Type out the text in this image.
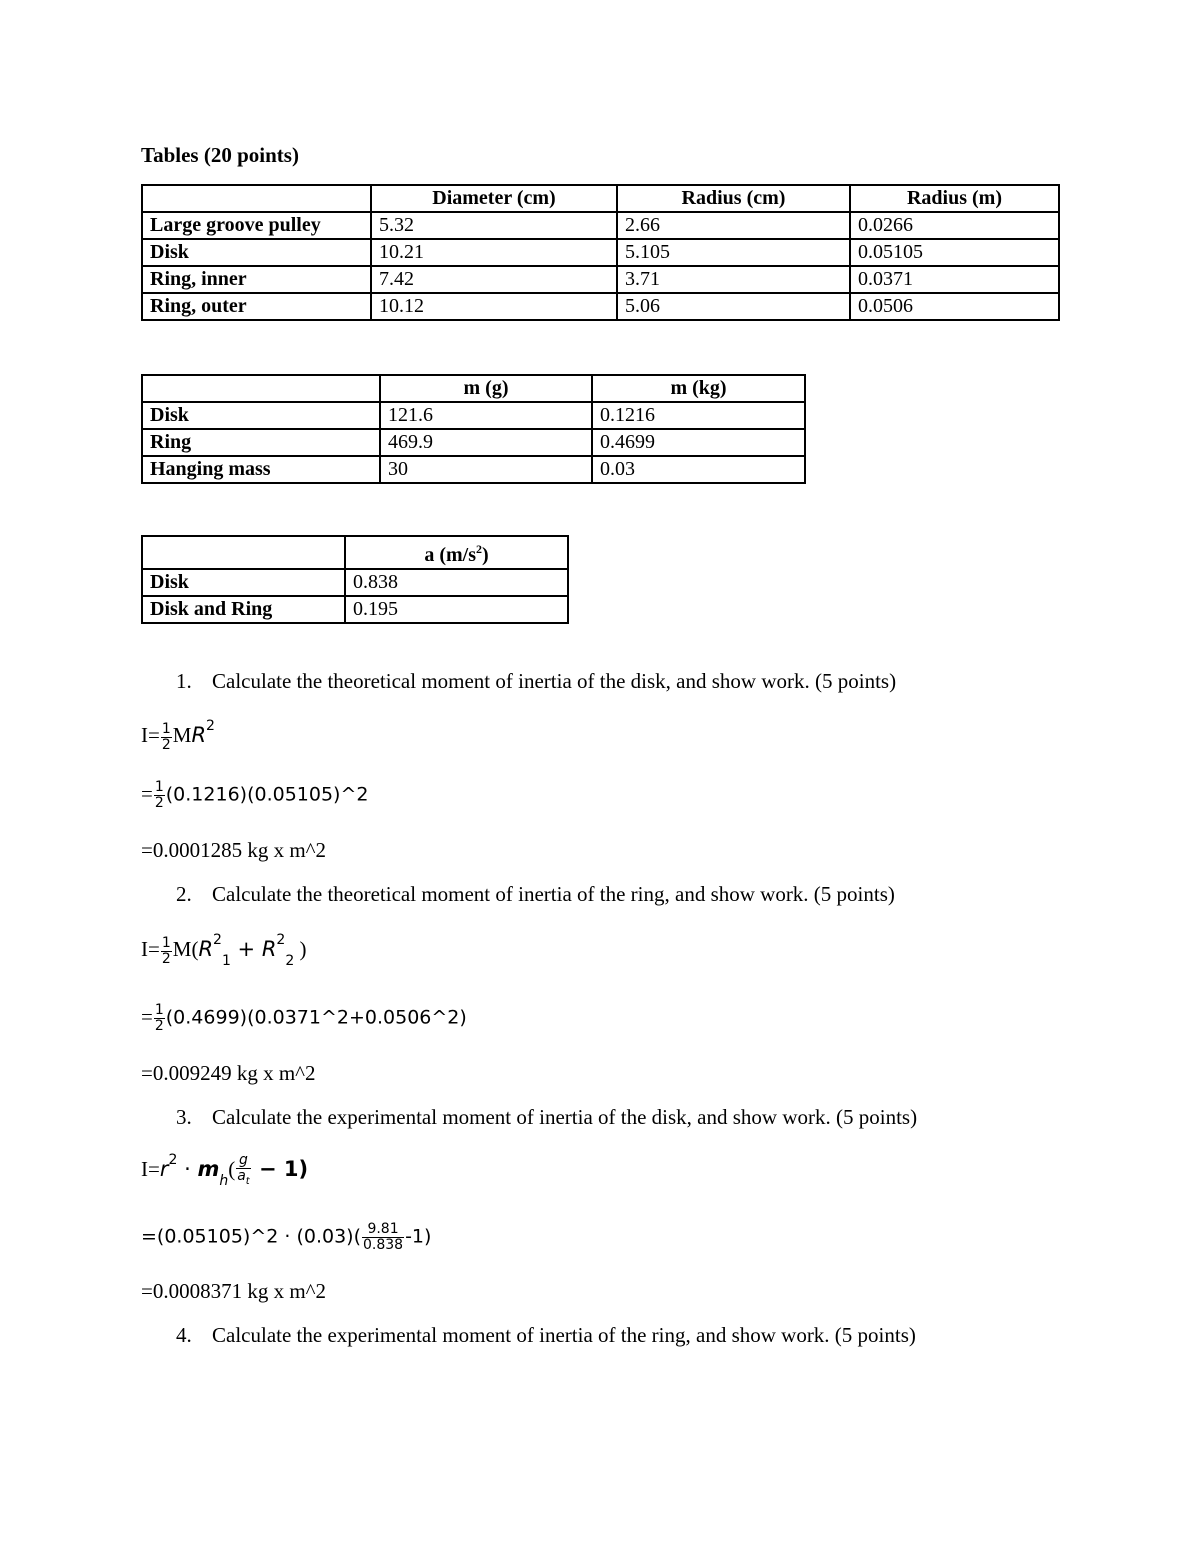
Tables (20 points)
	Diameter (cm)	Radius (cm)	Radius (m)
Large groove pulley	5.32	2.66	0.0266
Disk	10.21	5.105	0.05105
Ring, inner	7.42	3.71	0.0371
Ring, outer	10.12	5.06	0.0506
	m (g)	m (kg)
Disk	121.6	0.1216
Ring	469.9	0.4699
Hanging mass	30	0.03
	a $(m/s^2)$
Disk	0.838
Disk and Ring	0.195
1. Calculate the theoretical moment of inertia of the disk, and show work. (5 points)
$I= \frac{1}{2} MR^2$
= $\frac{1}{2}$ (0.1216)(0.05105)^2
=0.0001285 kg x m^2
2. Calculate the theoretical moment of inertia of the ring, and show work. (5 points)
$I= \frac{1}{2} M(R^2_1 + R^2_2$ )
= $\frac{1}{2}$ (0.4699)(0.0371^2+0.0506^2)
=0.009249 kg x m^2
3. Calculate the experimental moment of inertia of the disk, and show work. (5 points)
$I=r^2 \cdot m_h( \frac{g}{a_t} - 1)$
=(0.05105)^2 · $(0.03)( \frac{9.81}{0.838} -1)$
=0.0008371 kg x m^2
4. Calculate the experimental moment of inertia of the ring, and show work. (5 points)
